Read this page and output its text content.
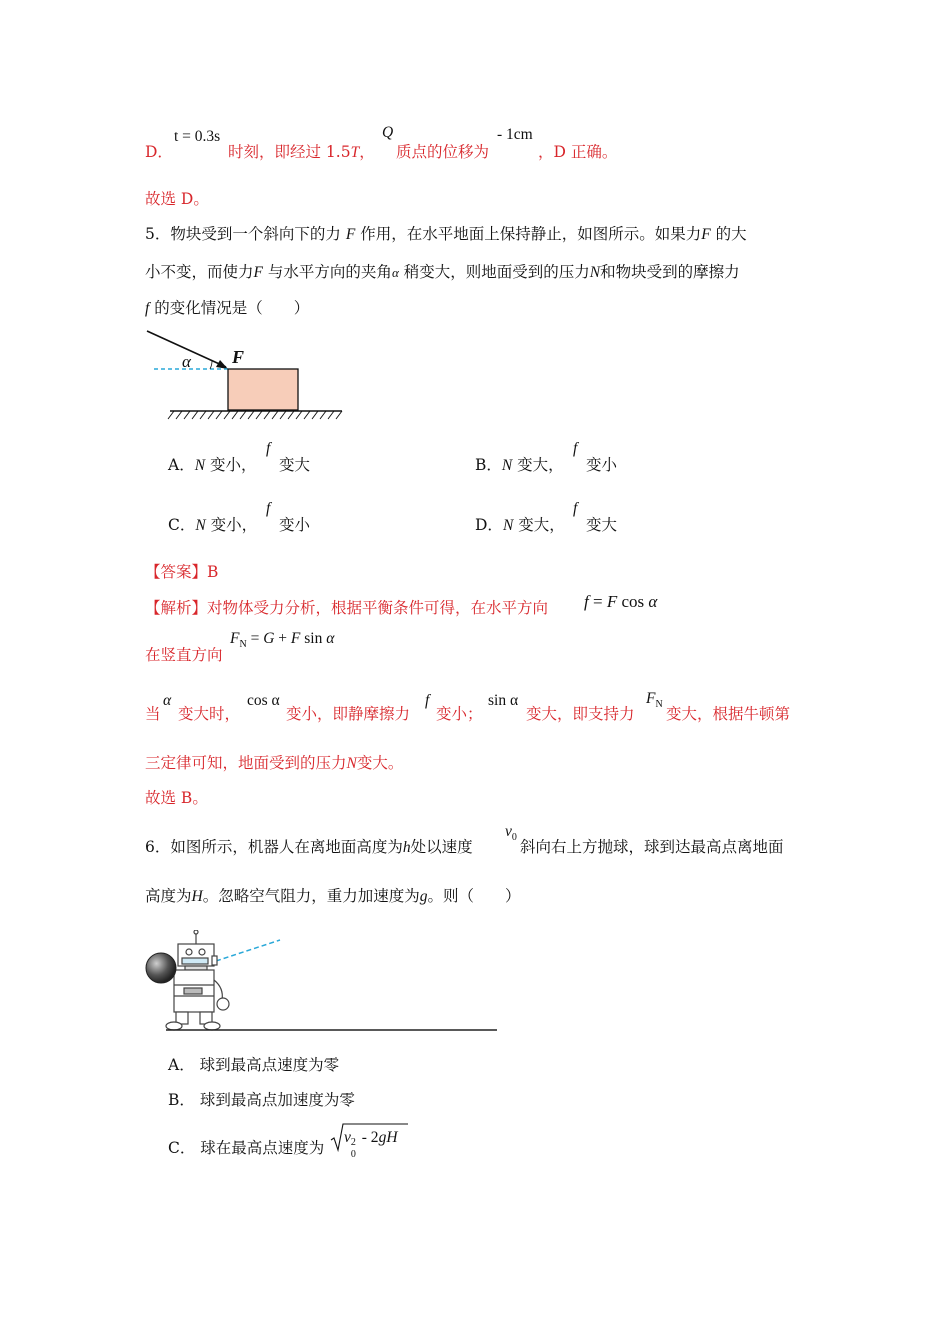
D．
t = 0.3s
时刻，即经过 1.5T，
Q
质点的位移为
- 1cm
，D 正确。
故选 D。
5．物块受到一个斜向下的力 F 作用，在水平地面上保持静止，如图所示。如果力F 的大
小不变，而使力F 与水平方向的夹角α 稍变大，则地面受到的压力N和物块受到的摩擦力
f 的变化情况是（　　）
α F
A．N 变小，
f
变大	B．N 变大，
f
变小
C．N 变小，
f
变小	D．N 变大，
f
变大
【答案】B
【解析】对物体受力分析，根据平衡条件可得，在水平方向 f = F cos α
在竖直方向
$F_N = G + F$ sin α
当
α
变大时，
cos α
变小，即静摩擦力
f
变小；
sin α
变大，即支持力
$F_N$
变大，根据牛顿第
三定律可知，地面受到的压力N变大。
故选 B。
6．如图所示，机器人在离地面高度为h处以速度
$v_0$
斜向右上方抛球，球到达最高点离地面
高度为H。忽略空气阻力，重力加速度为g。则（　　）
A． 球到最高点速度为零
B． 球到最高点加速度为零
C． 球在最高点速度为
v 2
0
- 2gH
